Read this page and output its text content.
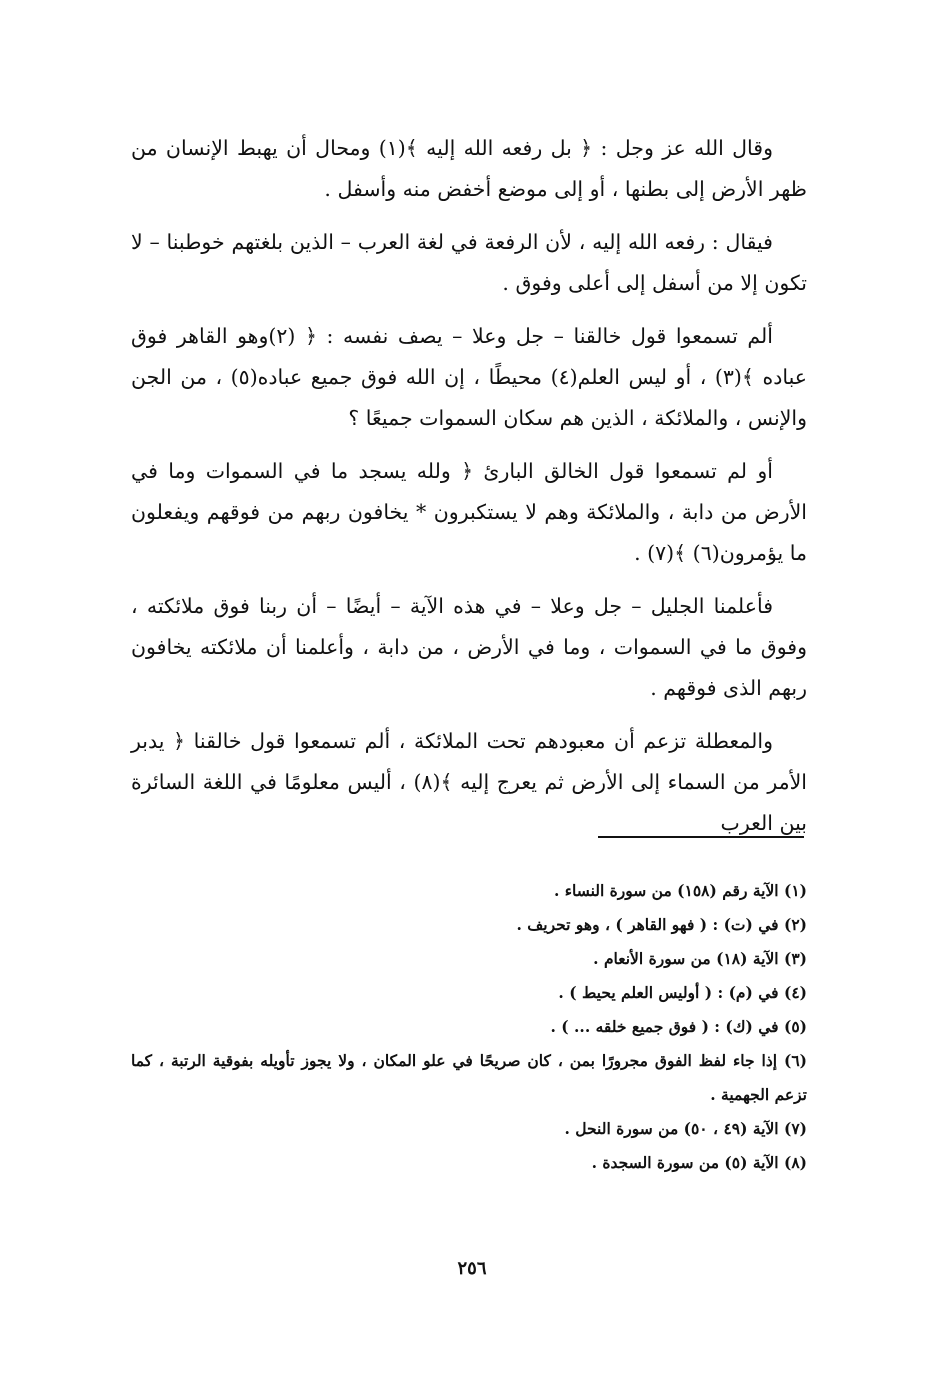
وقال الله عز وجل : ﴿ بل رفعه الله إليه ﴾(١) ومحال أن يهبط الإنسان من ظهر الأرض إلى بطنها ، أو إلى موضع أخفض منه وأسفل .

فيقال : رفعه الله إليه ، لأن الرفعة في لغة العرب – الذين بلغتهم خوطبنا – لا تكون إلا من أسفل إلى أعلى وفوق .

ألم تسمعوا قول خالقنا – جل وعلا – يصف نفسه : ﴿ (٢)وهو القاهر فوق عباده ﴾(٣) ، أو ليس العلم(٤) محيطًا ، إن الله فوق جميع عباده(٥) ، من الجن والإنس ، والملائكة ، الذين هم سكان السموات جميعًا ؟

أو لم تسمعوا قول الخالق البارئ ﴿ ولله يسجد ما في السموات وما في الأرض من دابة ، والملائكة وهم لا يستكبرون * يخافون ربهم من فوقهم ويفعلون ما يؤمرون(٦) ﴾(٧) .

فأعلمنا الجليل – جل وعلا – في هذه الآية – أيضًا – أن ربنا فوق ملائكته ، وفوق ما في السموات ، وما في الأرض ، من دابة ، وأعلمنا أن ملائكته يخافون ربهم الذى فوقهم .

والمعطلة تزعم أن معبودهم تحت الملائكة ، ألم تسمعوا قول خالقنا ﴿ يدبر الأمر من السماء إلى الأرض ثم يعرج إليه ﴾(٨) ، أليس معلومًا في اللغة السائرة بين العرب

(١) الآية رقم (١٥٨) من سورة النساء .

(٢) في (ت) : ( فهو القاهر ) ، وهو تحريف .

(٣) الآية (١٨) من سورة الأنعام .

(٤) في (م) : ( أوليس العلم يحيط ) .

(٥) في (ك) : ( فوق جميع خلقه ... ) .

(٦) إذا جاء لفظ الفوق مجرورًا بمن ، كان صريحًا في علو المكان ، ولا يجوز تأويله بفوقية الرتبة ، كما تزعم الجهمية .

(٧) الآية (٤٩ ، ٥٠) من سورة النحل .

(٨) الآية (٥) من سورة السجدة .

٢٥٦
